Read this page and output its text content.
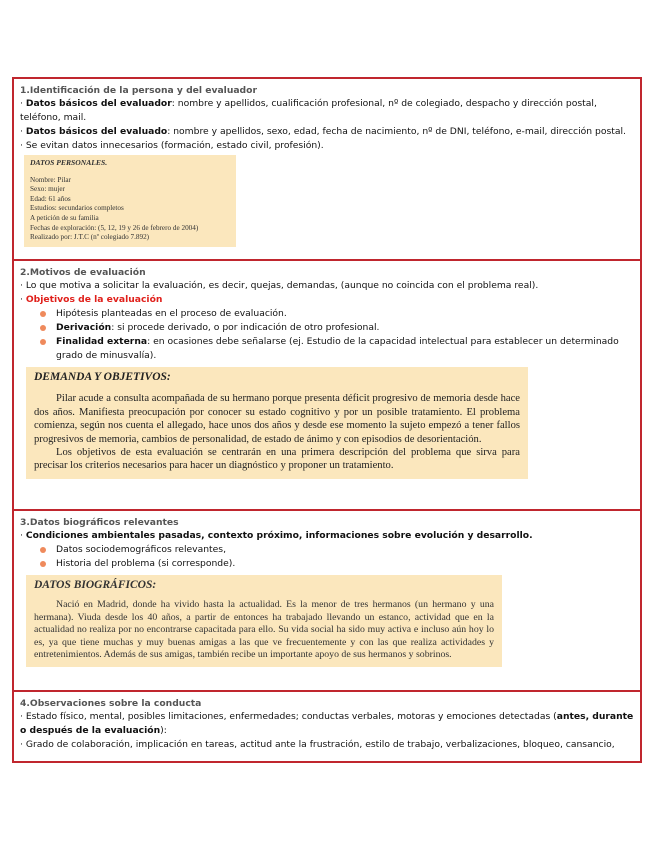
1.Identificación de la persona y del evaluador
· Datos básicos del evaluador: nombre y apellidos, cualificación profesional, nº de colegiado, despacho y dirección postal, teléfono, mail.
· Datos básicos del evaluado: nombre y apellidos, sexo, edad, fecha de nacimiento, nº de DNI, teléfono, e-mail, dirección postal.
· Se evitan datos innecesarios (formación, estado civil, profesión).
DATOS PERSONALES.
Nombre: Pilar
Sexo: mujer
Edad: 61 años
Estudios: secundarios completos
A petición de su familia
Fechas de exploración: (5, 12, 19 y 26 de febrero de 2004)
Realizado por: J.T.C (nº colegiado 7.892)
2.Motivos de evaluación
· Lo que motiva a solicitar la evaluación, es decir, quejas, demandas, (aunque no coincida con el problema real).
· Objetivos de la evaluación
Hipótesis planteadas en el proceso de evaluación.
Derivación: si procede derivado, o por indicación de otro profesional.
Finalidad externa: en ocasiones debe señalarse (ej. Estudio de la capacidad intelectual para establecer un determinado grado de minusvalía).
DEMANDA Y OBJETIVOS:

Pilar acude a consulta acompañada de su hermano porque presenta déficit progresivo de memoria desde hace dos años. Manifiesta preocupación por conocer su estado cognitivo y por un posible tratamiento. El problema comienza, según nos cuenta el allegado, hace unos dos años y desde ese momento la sujeto empezó a tener fallos progresivos de memoria, cambios de personalidad, de estado de ánimo y con episodios de desorientación.

Los objetivos de esta evaluación se centrarán en una primera descripción del problema que sirva para precisar los criterios necesarios para hacer un diagnóstico y proponer un tratamiento.

3.Datos biográficos relevantes
· Condiciones ambientales pasadas, contexto próximo, informaciones sobre evolución y desarrollo.
Datos sociodemográficos relevantes,
Historia del problema (si corresponde).
DATOS BIOGRÁFICOS:

Nació en Madrid, donde ha vivido hasta la actualidad. Es la menor de tres hermanos (un hermano y una hermana). Viuda desde los 40 años, a partir de entonces ha trabajado llevando un estanco, actividad que en la actualidad no realiza por no encontrarse capacitada para ello. Su vida social ha sido muy activa e incluso aún hoy lo es, ya que tiene muchas y muy buenas amigas a las que ve frecuentemente y con las que realiza actividades y entretenimientos. Además de sus amigas, también recibe un importante apoyo de sus hermanos y sobrinos.

4.Observaciones sobre la conducta
· Estado físico, mental, posibles limitaciones, enfermedades; conductas verbales, motoras y emociones detectadas (antes, durante o después de la evaluación):
· Grado de colaboración, implicación en tareas, actitud ante la frustración, estilo de trabajo, verbalizaciones, bloqueo, cansancio,
